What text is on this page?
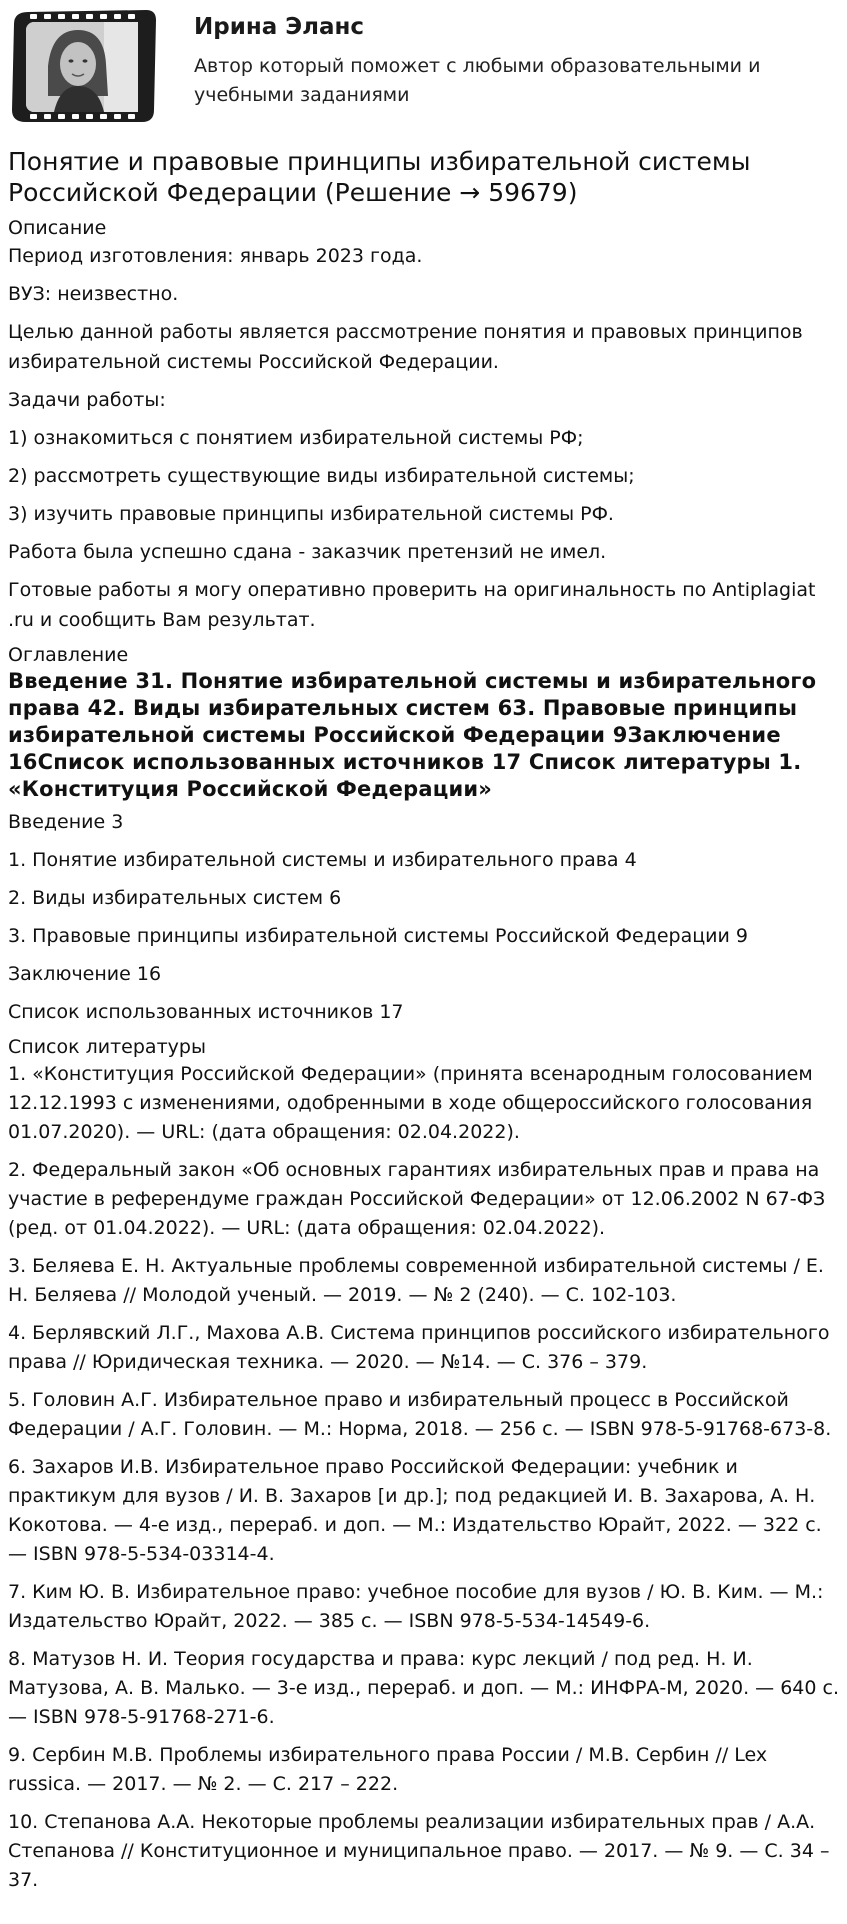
Ирина Эланс
Автор который поможет с любыми образовательными и учебными заданиями
Понятие и правовые принципы избирательной системы Российской Федерации (Решение → 59679)
Описание

Период изготовления: январь 2023 года.

ВУЗ: неизвестно.

Целью данной работы является рассмотрение понятия и правовых принципов избирательной системы Российской Федерации.

Задачи работы:

1) ознакомиться с понятием избирательной системы РФ;

2) рассмотреть существующие виды избирательной системы;

3) изучить правовые принципы избирательной системы РФ.

Работа была успешно сдана - заказчик претензий не имел.

Готовые работы я могу оперативно проверить на оригинальность по Antiplagiat .ru и сообщить Вам результат.

Оглавление

Введение 31. Понятие избирательной системы и избирательного права 42. Виды избирательных систем 63. Правовые принципы избирательной системы Российской Федерации 9Заключение 16Список использованных источников 17 Список литературы 1. «Конституция Российской Федерации»

Введение 3

1. Понятие избирательной системы и избирательного права 4

2. Виды избирательных систем 6

3. Правовые принципы избирательной системы Российской Федерации 9

Заключение 16

Список использованных источников 17

Список литературы

1. «Конституция Российской Федерации» (принята всенародным голосованием 12.12.1993 с изменениями, одобренными в ходе общероссийского голосования 01.07.2020). — URL: (дата обращения: 02.04.2022).

2. Федеральный закон «Об основных гарантиях избирательных прав и права на участие в референдуме граждан Российской Федерации» от 12.06.2002 N 67-ФЗ (ред. от 01.04.2022). — URL: (дата обращения: 02.04.2022).

3. Беляева Е. Н. Актуальные проблемы современной избирательной системы / Е. Н. Беляева // Молодой ученый. — 2019. — № 2 (240). — С. 102-103.

4. Берлявский Л.Г., Махова А.В. Система принципов российского избирательного права // Юридическая техника. — 2020. — №14. — С. 376 – 379.

5. Головин А.Г. Избирательное право и избирательный процесс в Российской Федерации / А.Г. Головин. — М.: Норма, 2018. — 256 с. — ISBN 978-5-91768-673-8.

6. Захаров И.В. Избирательное право Российской Федерации: учебник и практикум для вузов / И. В. Захаров [и др.]; под редакцией И. В. Захарова, А. Н. Кокотова. — 4-е изд., перераб. и доп. — М.: Издательство Юрайт, 2022. — 322 с. — ISBN 978-5-534-03314-4.

7. Ким Ю. В. Избирательное право: учебное пособие для вузов / Ю. В. Ким. — М.: Издательство Юрайт, 2022. — 385 с. — ISBN 978-5-534-14549-6.

8. Матузов Н. И. Теория государства и права: курс лекций / под ред. Н. И. Матузова, А. В. Малько. — 3-е изд., перераб. и доп. — М.: ИНФРА-М, 2020. — 640 с. — ISBN 978-5-91768-271-6.

9. Сербин М.В. Проблемы избирательного права России / М.В. Сербин // Lex russica. — 2017. — № 2. — С. 217 – 222.

10. Степанова А.А. Некоторые проблемы реализации избирательных прав / А.А. Степанова // Конституционное и муниципальное право. — 2017. — № 9. — С. 34 – 37.
